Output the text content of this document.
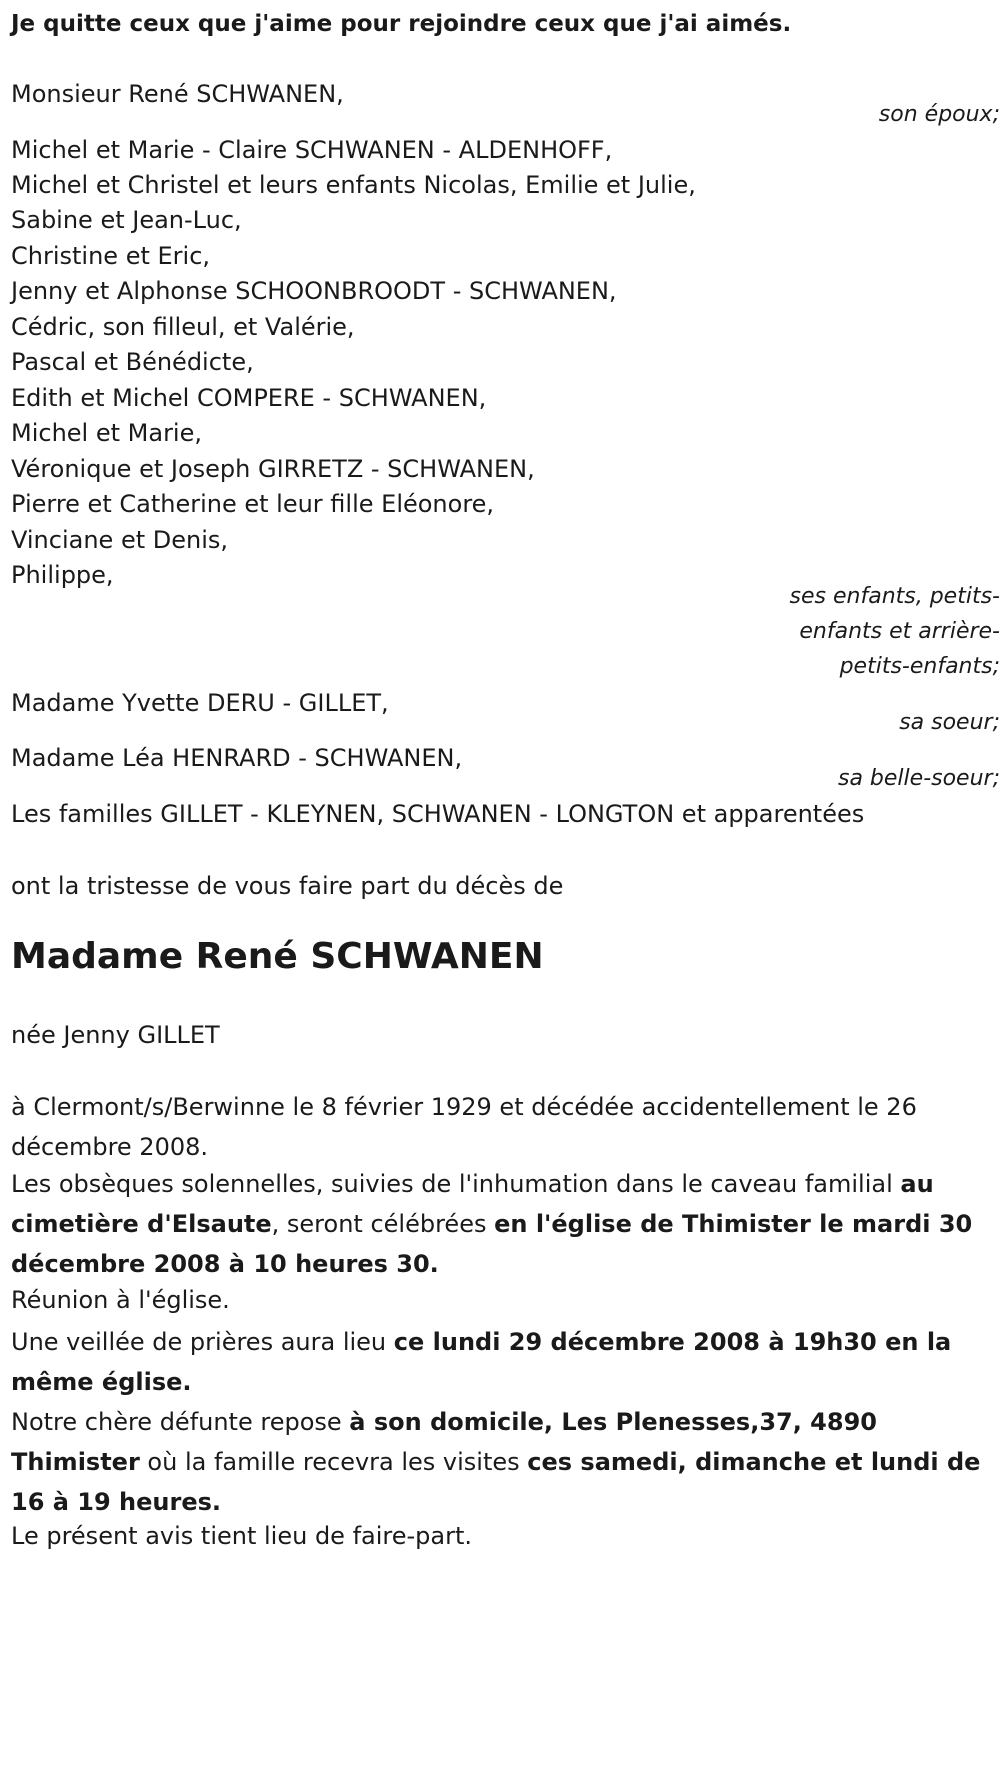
Je quitte ceux que j'aime pour rejoindre ceux que j'ai aimés.

Monsieur René SCHWANEN,

son époux;

Michel et Marie - Claire SCHWANEN - ALDENHOFF,

Michel et Christel et leurs enfants Nicolas, Emilie et Julie,

Sabine et Jean-Luc,

Christine et Eric,

Jenny et Alphonse SCHOONBROODT - SCHWANEN,

Cédric, son filleul, et Valérie,

Pascal et Bénédicte,

Edith et Michel COMPERE - SCHWANEN,

Michel et Marie,

Véronique et Joseph GIRRETZ - SCHWANEN,

Pierre et Catherine et leur fille Eléonore,

Vinciane et Denis,

Philippe,

ses enfants, petits-

enfants et arrière-

petits-enfants;

Madame Yvette DERU - GILLET,

sa soeur;

Madame Léa HENRARD - SCHWANEN,

sa belle-soeur;

Les familles GILLET - KLEYNEN, SCHWANEN - LONGTON et apparentées

ont la tristesse de vous faire part du décès de

Madame René SCHWANEN

née Jenny GILLET

à Clermont/s/Berwinne le 8 février 1929 et décédée accidentellement le 26 décembre 2008.

Les obsèques solennelles, suivies de l'inhumation dans le caveau familial au cimetière d'Elsaute, seront célébrées en l'église de Thimister le mardi 30 décembre 2008 à 10 heures 30.

Réunion à l'église.

Une veillée de prières aura lieu ce lundi 29 décembre 2008 à 19h30 en la même église.

Notre chère défunte repose à son domicile, Les Plenesses,37, 4890 Thimister où la famille recevra les visites ces samedi, dimanche et lundi de 16 à 19 heures.

Le présent avis tient lieu de faire-part.
